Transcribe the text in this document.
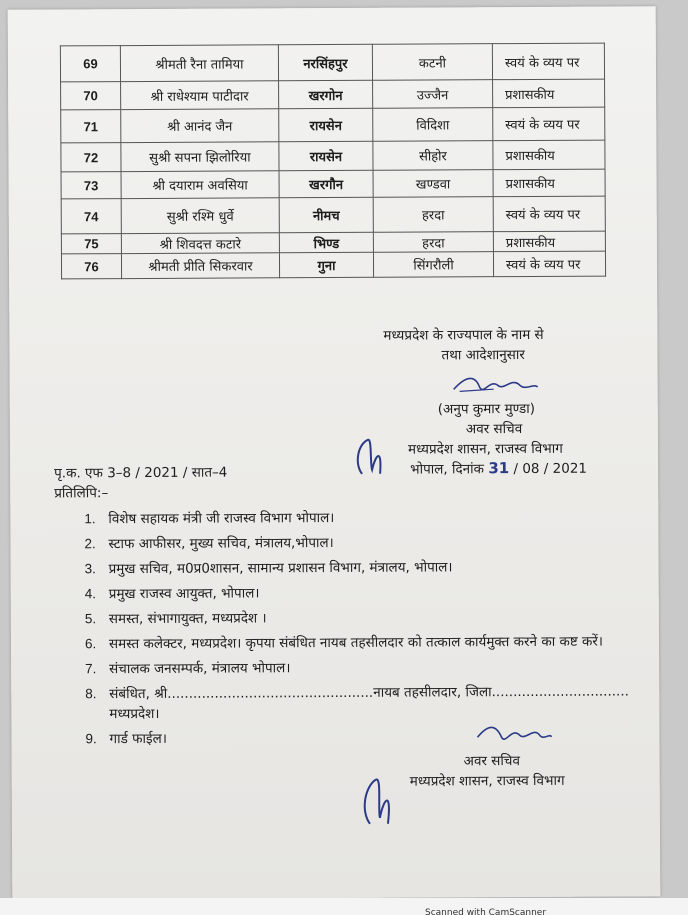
69	श्रीमती रैना तामिया	नरसिंहपुर	कटनी	स्वयं के व्यय पर
70	श्री राधेश्याम पाटीदार	खरगोन	उज्जैन	प्रशासकीय
71	श्री आनंद जैन	रायसेन	विदिशा	स्वयं के व्यय पर
72	सुश्री सपना झिलोरिया	रायसेन	सीहोर	प्रशासकीय
73	श्री दयाराम अवसिया	खरगौन	खण्डवा	प्रशासकीय
74	सुश्री रश्मि धुर्वे	नीमच	हरदा	स्वयं के व्यय पर
75	श्री शिवदत्त कटारे	भिण्ड	हरदा	प्रशासकीय
76	श्रीमती प्रीति सिकरवार	गुना	सिंगरौली	स्वयं के व्यय पर
मध्यप्रदेश के राज्यपाल के नाम से
तथा आदेशानुसार
(अनुप कुमार मुण्डा)
अवर सचिव
मध्यप्रदेश शासन, राजस्व विभाग
भोपाल, दिनांक 31 / 08 / 2021
पृ.क. एफ 3–8 / 2021 / सात–4
प्रतिलिपि:–
1. विशेष सहायक मंत्री जी राजस्व विभाग भोपाल।
2. स्टाफ आफीसर, मुख्य सचिव, मंत्रालय,भोपाल।
3. प्रमुख सचिव, म0प्र0शासन, सामान्य प्रशासन विभाग, मंत्रालय, भोपाल।
4. प्रमुख राजस्व आयुक्त, भोपाल।
5. समस्त, संभागायुक्त, मध्यप्रदेश ।
6. समस्त कलेक्टर, मध्यप्रदेश। कृपया संबंधित नायब तहसीलदार को तत्काल कार्यमुक्त करने का कष्ट करें।
7. संचालक जनसम्पर्क, मंत्रालय भोपाल।
8. संबंधित, श्री................................................नायब तहसीलदार, जिला................................ मध्यप्रदेश।
9. गार्ड फाईल।
अवर सचिव
मध्यप्रदेश शासन, राजस्व विभाग
Scanned with CamScanner
